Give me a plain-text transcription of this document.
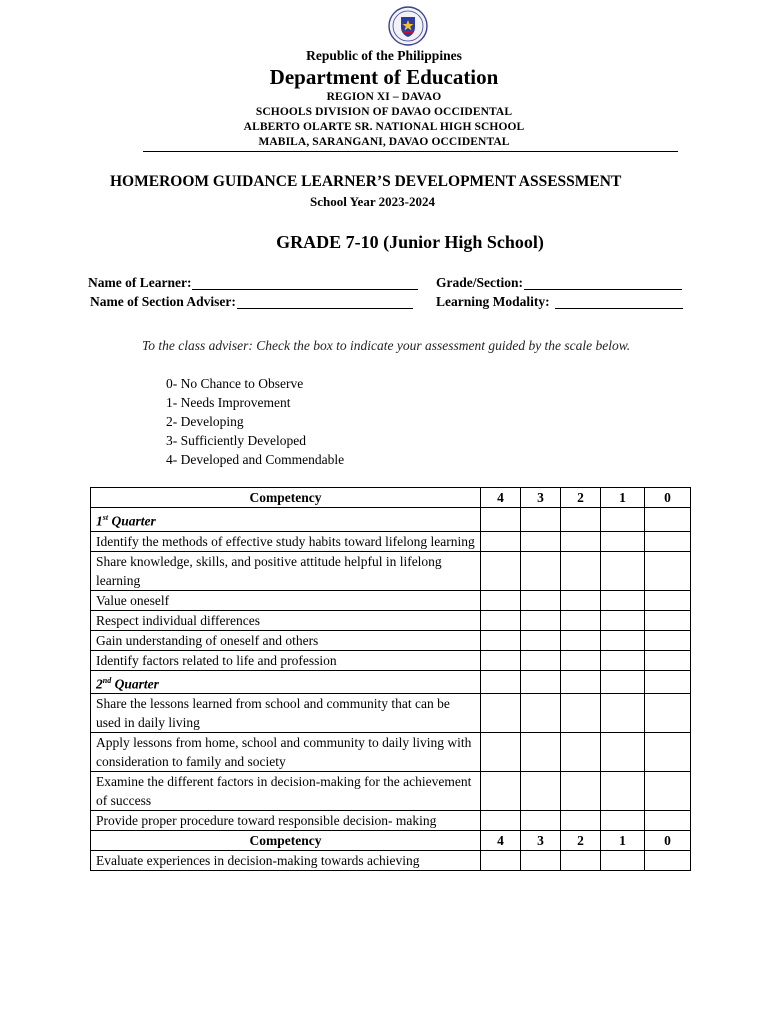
Republic of the Philippines
Department of Education
REGION XI – DAVAO
SCHOOLS DIVISION OF DAVAO OCCIDENTAL
ALBERTO OLARTE SR. NATIONAL HIGH SCHOOL
MABILA, SARANGANI, DAVAO OCCIDENTAL
HOMEROOM GUIDANCE LEARNER’S DEVELOPMENT ASSESSMENT
School Year 2023-2024
GRADE 7-10 (Junior High School)
Name of Learner:	Grade/Section:
Name of Section Adviser:	Learning Modality:
To the class adviser: Check the box to indicate your assessment guided by the scale below.
0- No Chance to Observe
1- Needs Improvement
2- Developing
3- Sufficiently Developed
4- Developed and Commendable
Competency	4	3	2	1	0
1st Quarter					
Identify the methods of effective study habits toward lifelong learning					
Share knowledge, skills, and positive attitude helpful in lifelong learning					
Value oneself					
Respect individual differences					
Gain understanding of oneself and others					
Identify factors related to life and profession					
2nd Quarter					
Share the lessons learned from school and community that can be used in daily living					
Apply lessons from home, school and community to daily living with consideration to family and society					
Examine the different factors in decision-making for the achievement of success					
Provide proper procedure toward responsible decision- making					
Competency	4	3	2	1	0
Evaluate experiences in decision-making towards achieving					
